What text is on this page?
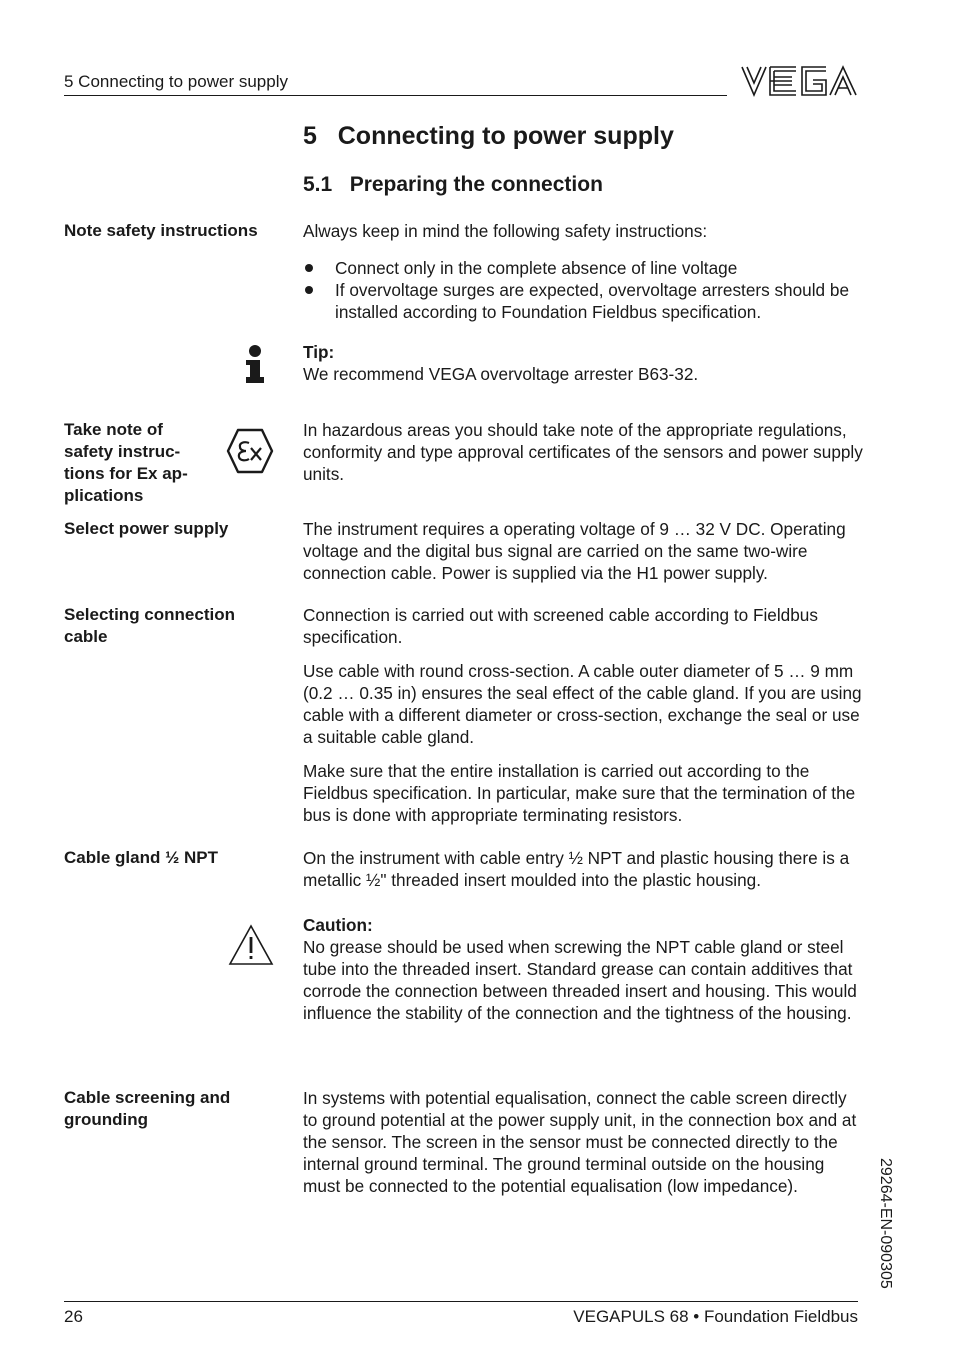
5 Connecting to power supply
5   Connecting to power supply
5.1   Preparing the connection
Note safety instructions	Always keep in mind the following safety instructions:

Connect only in the complete absence of line voltage
If overvoltage surges are expected, overvoltage arresters should be installed according to Foundation Fieldbus specification.

Tip:

We recommend VEGA overvoltage arrester B63-32.

Take note of
safety instruc-
tions for Ex ap-
plications
In hazardous areas you should take note of the appropriate regulations, conformity and type approval certificates of the sensors and power supply units.
Select power supply	The instrument requires a operating voltage of 9 … 32 V DC. Operating voltage and the digital bus signal are carried on the same two-wire connection cable. Power is supplied via the H1 power supply.
Selecting connection
cable

Connection is carried out with screened cable according to Fieldbus specification.

Use cable with round cross-section. A cable outer diameter of 5 … 9 mm (0.2 … 0.35 in) ensures the seal effect of the cable gland. If you are using cable with a different diameter or cross-section, exchange the seal or use a suitable cable gland.

Make sure that the entire installation is carried out according to the Fieldbus specification. In particular, make sure that the termination of the bus is done with appropriate terminating resistors.

Cable gland ½ NPT	On the instrument with cable entry ½ NPT and plastic housing there is a metallic ½" threaded insert moulded into the plastic housing.

Caution:

No grease should be used when screwing the NPT cable gland or steel tube into the threaded insert. Standard grease can contain additives that corrode the connection between threaded insert and housing. This would influence the stability of the connection and the tightness of the housing.

Cable screening and
grounding
In systems with potential equalisation, connect the cable screen directly to ground potential at the power supply unit, in the connection box and at the sensor. The screen in the sensor must be connected directly to the internal ground terminal. The ground terminal outside on the housing must be connected to the potential equalisation (low impedance).	29264-EN-090305
26	VEGAPULS 68 • Foundation Fieldbus
